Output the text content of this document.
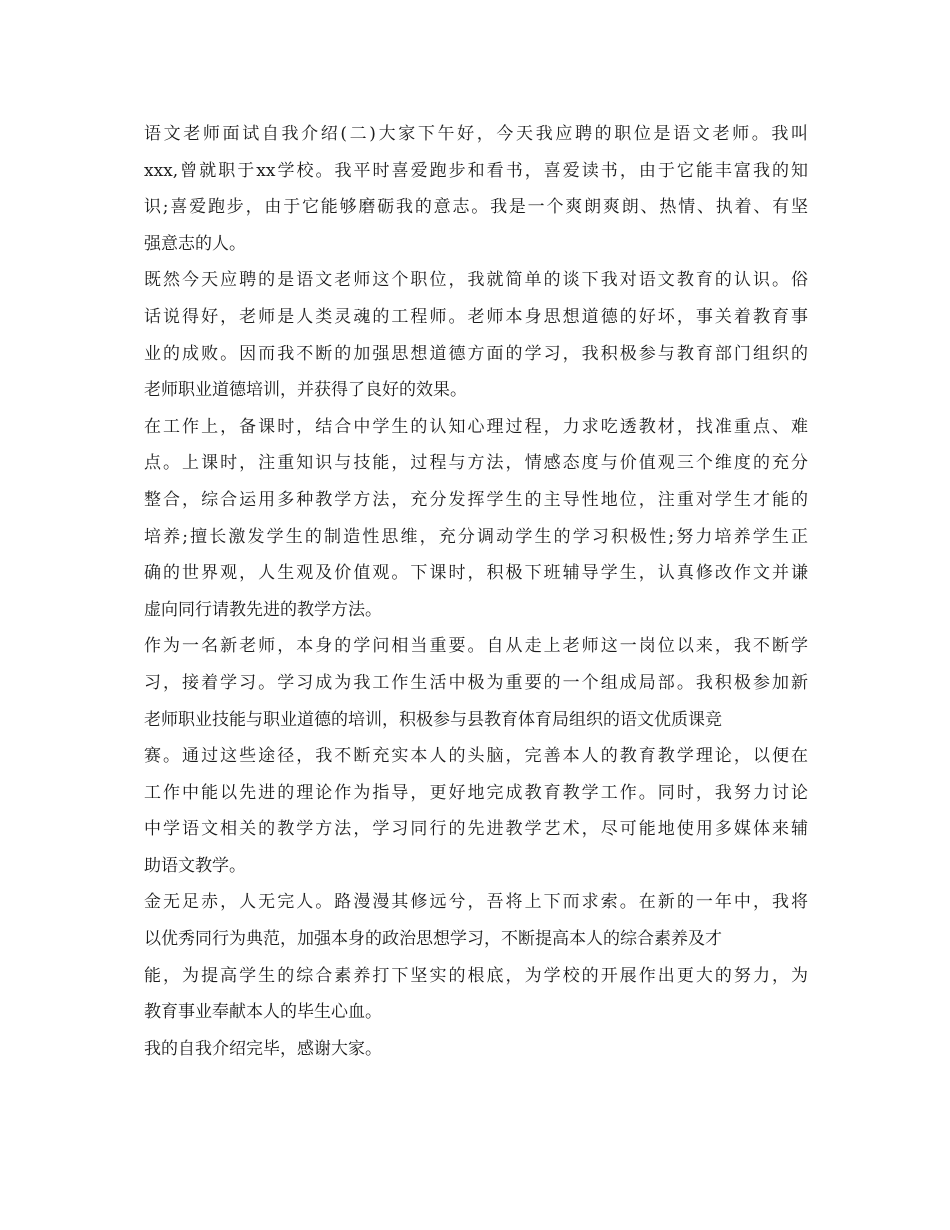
语文老师面试自我介绍(二)大家下午好，今天我应聘的职位是语文老师。我叫
xxx,曾就职于xx学校。我平时喜爱跑步和看书，喜爱读书，由于它能丰富我的知
识;喜爱跑步，由于它能够磨砺我的意志。我是一个爽朗爽朗、热情、执着、有坚
强意志的人。
既然今天应聘的是语文老师这个职位，我就简单的谈下我对语文教育的认识。俗
话说得好，老师是人类灵魂的工程师。老师本身思想道德的好坏，事关着教育事
业的成败。因而我不断的加强思想道德方面的学习，我积极参与教育部门组织的
老师职业道德培训，并获得了良好的效果。
在工作上，备课时，结合中学生的认知心理过程，力求吃透教材，找准重点、难
点。上课时，注重知识与技能，过程与方法，情感态度与价值观三个维度的充分
整合，综合运用多种教学方法，充分发挥学生的主导性地位，注重对学生才能的
培养;擅长激发学生的制造性思维，充分调动学生的学习积极性;努力培养学生正
确的世界观，人生观及价值观。下课时，积极下班辅导学生，认真修改作文并谦
虚向同行请教先进的教学方法。
作为一名新老师，本身的学问相当重要。自从走上老师这一岗位以来，我不断学
习，接着学习。学习成为我工作生活中极为重要的一个组成局部。我积极参加新
老师职业技能与职业道德的培训，积极参与县教育体育局组织的语文优质课竞
赛。通过这些途径，我不断充实本人的头脑，完善本人的教育教学理论，以便在
工作中能以先进的理论作为指导，更好地完成教育教学工作。同时，我努力讨论
中学语文相关的教学方法，学习同行的先进教学艺术，尽可能地使用多媒体来辅
助语文教学。
金无足赤，人无完人。路漫漫其修远兮，吾将上下而求索。在新的一年中，我将
以优秀同行为典范，加强本身的政治思想学习，不断提高本人的综合素养及才
能，为提高学生的综合素养打下坚实的根底，为学校的开展作出更大的努力，为
教育事业奉献本人的毕生心血。
我的自我介绍完毕，感谢大家。
